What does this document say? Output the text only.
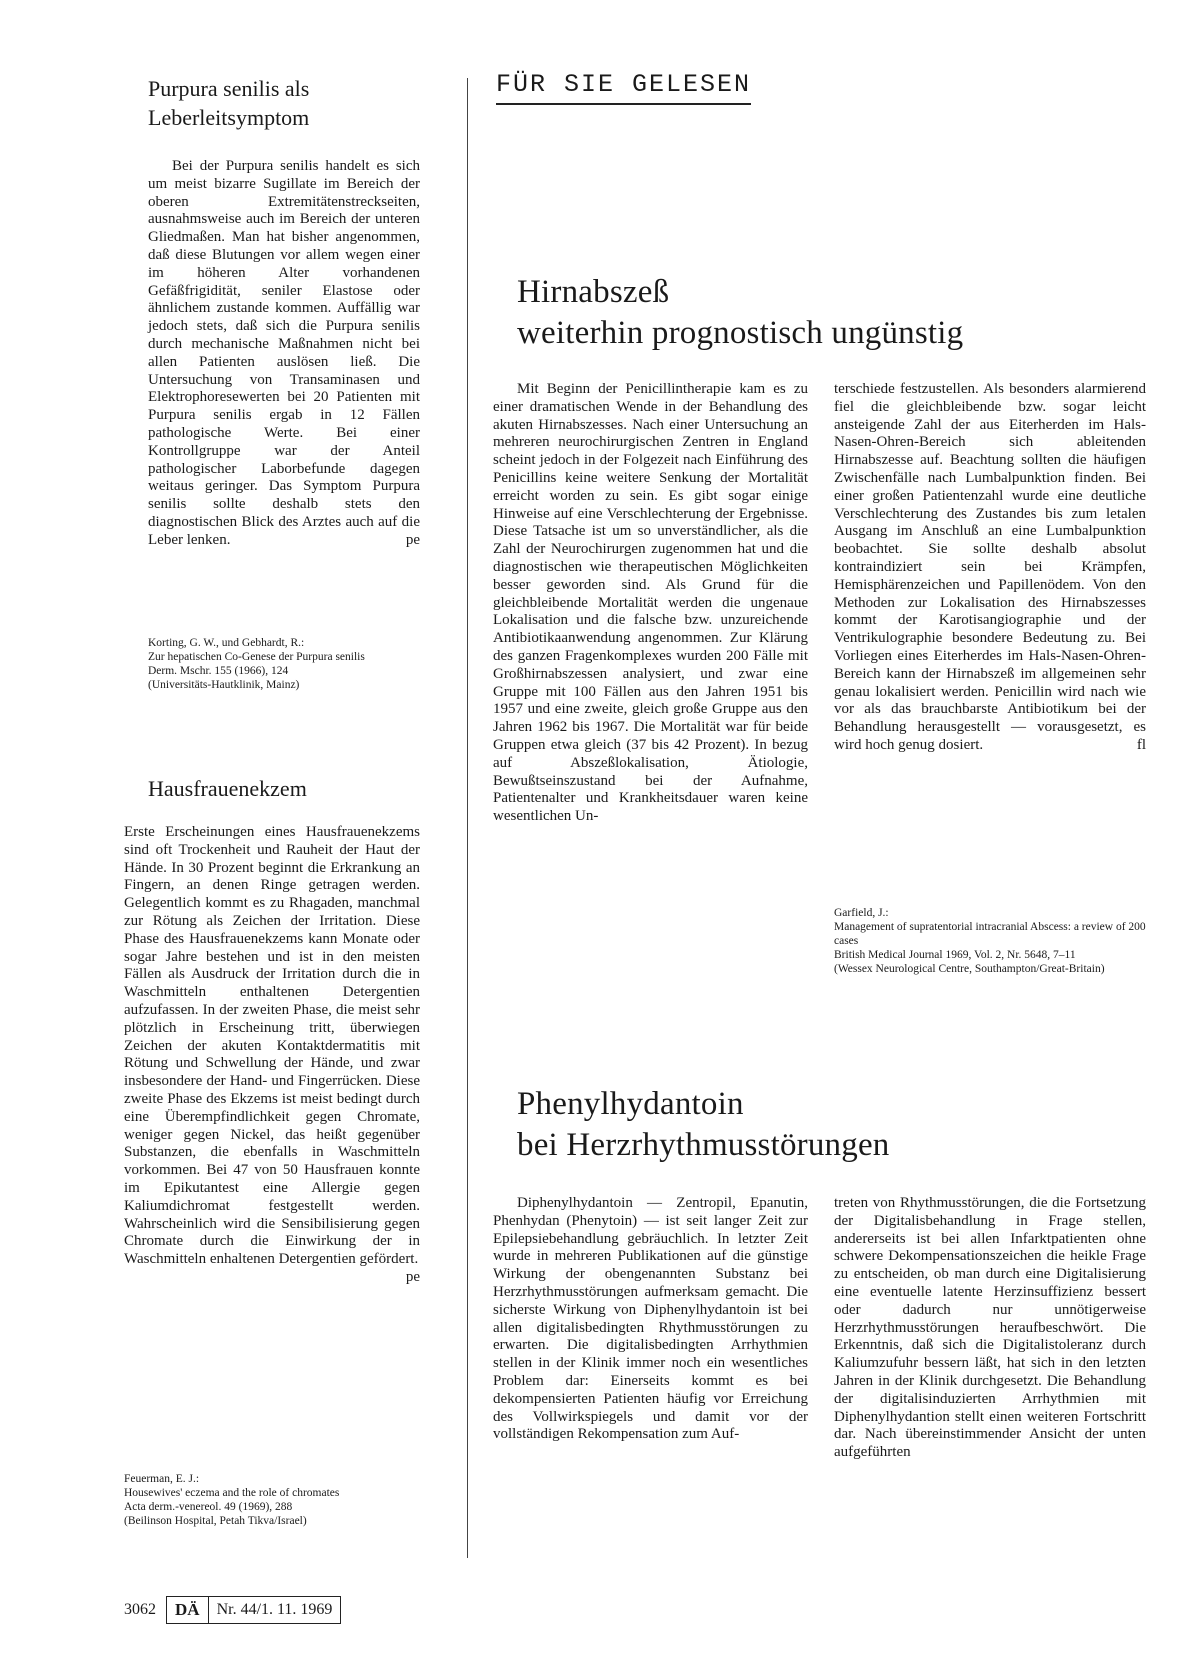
Purpura senilis als
Leberleitsymptom

Bei der Purpura senilis handelt es sich um meist bizarre Sugillate im Bereich der oberen Extremitätenstreckseiten, ausnahmsweise auch im Bereich der unteren Gliedmaßen. Man hat bisher angenommen, daß diese Blutungen vor allem wegen einer im höheren Alter vorhandenen Gefäßfrigidität, seniler Elastose oder ähnlichem zustande kommen. Auffällig war jedoch stets, daß sich die Purpura senilis durch mechanische Maßnahmen nicht bei allen Patienten auslösen ließ. Die Untersuchung von Transaminasen und Elektrophoresewerten bei 20 Patienten mit Purpura senilis ergab in 12 Fällen pathologische Werte. Bei einer Kontrollgruppe war der Anteil pathologischer Laborbefunde dagegen weitaus geringer. Das Symptom Purpura senilis sollte deshalb stets den diagnostischen Blick des Arztes auch auf die Leber lenken.	pe

Korting, G. W., und Gebhardt, R.:

Zur hepatischen Co-Genese der Purpura senilis

Derm. Mschr. 155 (1966), 124

(Universitäts-Hautklinik, Mainz)

Hausfrauenekzem

Erste Erscheinungen eines Hausfrauenekzems sind oft Trockenheit und Rauheit der Haut der Hände. In 30 Prozent beginnt die Erkrankung an Fingern, an denen Ringe getragen werden. Gelegentlich kommt es zu Rhagaden, manchmal zur Rötung als Zeichen der Irritation. Diese Phase des Hausfrauenekzems kann Monate oder sogar Jahre bestehen und ist in den meisten Fällen als Ausdruck der Irritation durch die in Waschmitteln enthaltenen Detergentien aufzufassen. In der zweiten Phase, die meist sehr plötzlich in Erscheinung tritt, überwiegen Zeichen der akuten Kontaktdermatitis mit Rötung und Schwellung der Hände, und zwar insbesondere der Hand- und Fingerrücken. Diese zweite Phase des Ekzems ist meist bedingt durch eine Überempfindlichkeit gegen Chromate, weniger gegen Nickel, das heißt gegenüber Substanzen, die ebenfalls in Waschmitteln vorkommen. Bei 47 von 50 Hausfrauen konnte im Epikutantest eine Allergie gegen Kaliumdichromat festgestellt werden. Wahrscheinlich wird die Sensibilisierung gegen Chromate durch die Einwirkung der in Waschmitteln enhaltenen Detergentien gefördert.
pe

Feuerman, E. J.:

Housewives' eczema and the role of chromates

Acta derm.-venereol. 49 (1969), 288

(Beilinson Hospital, Petah Tikva/Israel)

3062	DÄ	Nr. 44/1. 11. 1969
FÜR SIE GELESEN
Hirnabszeß
weiterhin prognostisch ungünstig

Mit Beginn der Penicillintherapie kam es zu einer dramatischen Wende in der Behandlung des akuten Hirnabszesses. Nach einer Untersuchung an mehreren neurochirurgischen Zentren in England scheint jedoch in der Folgezeit nach Einführung des Penicillins keine weitere Senkung der Mortalität erreicht worden zu sein. Es gibt sogar einige Hinweise auf eine Verschlechterung der Ergebnisse. Diese Tatsache ist um so unverständlicher, als die Zahl der Neurochirurgen zugenommen hat und die diagnostischen wie therapeutischen Möglichkeiten besser geworden sind. Als Grund für die gleichbleibende Mortalität werden die ungenaue Lokalisation und die falsche bzw. unzureichende Antibiotikaanwendung angenommen. Zur Klärung des ganzen Fragenkomplexes wurden 200 Fälle mit Großhirnabszessen analysiert, und zwar eine Gruppe mit 100 Fällen aus den Jahren 1951 bis 1957 und eine zweite, gleich große Gruppe aus den Jahren 1962 bis 1967. Die Mortalität war für beide Gruppen etwa gleich (37 bis 42 Prozent). In bezug auf Abszeßlokalisation, Ätiologie, Bewußtseinszustand bei der Aufnahme, Patientenalter und Krankheitsdauer waren keine wesentlichen Un-

terschiede festzustellen. Als besonders alarmierend fiel die gleichbleibende bzw. sogar leicht ansteigende Zahl der aus Eiterherden im Hals-Nasen-Ohren-Bereich sich ableitenden Hirnabszesse auf. Beachtung sollten die häufigen Zwischenfälle nach Lumbalpunktion finden. Bei einer großen Patientenzahl wurde eine deutliche Verschlechterung des Zustandes bis zum letalen Ausgang im Anschluß an eine Lumbalpunktion beobachtet. Sie sollte deshalb absolut kontraindiziert sein bei Krämpfen, Hemisphärenzeichen und Papillenödem. Von den Methoden zur Lokalisation des Hirnabszesses kommt der Karotisangiographie und der Ventrikulographie besondere Bedeutung zu. Bei Vorliegen eines Eiterherdes im Hals-Nasen-Ohren-Bereich kann der Hirnabszeß im allgemeinen sehr genau lokalisiert werden. Penicillin wird nach wie vor als das brauchbarste Antibiotikum bei der Behandlung herausgestellt — vorausgesetzt, es wird hoch genug dosiert.	fl

Garfield, J.:

Management of supratentorial intracranial Abscess: a review of 200 cases

British Medical Journal 1969, Vol. 2, Nr. 5648, 7–11

(Wessex Neurological Centre, Southampton/Great-Britain)

Phenylhydantoin
bei Herzrhythmusstörungen

Diphenylhydantoin — Zentropil, Epanutin, Phenhydan (Phenytoin) — ist seit langer Zeit zur Epilepsiebehandlung gebräuchlich. In letzter Zeit wurde in mehreren Publikationen auf die günstige Wirkung der obengenannten Substanz bei Herzrhythmusstörungen aufmerksam gemacht. Die sicherste Wirkung von Diphenylhydantoin ist bei allen digitalisbedingten Rhythmusstörungen zu erwarten. Die digitalisbedingten Arrhythmien stellen in der Klinik immer noch ein wesentliches Problem dar: Einerseits kommt es bei dekompensierten Patienten häufig vor Erreichung des Vollwirkspiegels und damit vor der vollständigen Rekompensation zum Auf-

treten von Rhythmusstörungen, die die Fortsetzung der Digitalisbehandlung in Frage stellen, andererseits ist bei allen Infarktpatienten ohne schwere Dekompensationszeichen die heikle Frage zu entscheiden, ob man durch eine Digitalisierung eine eventuelle latente Herzinsuffizienz bessert oder dadurch nur unnötigerweise Herzrhythmusstörungen heraufbeschwört. Die Erkenntnis, daß sich die Digitalistoleranz durch Kaliumzufuhr bessern läßt, hat sich in den letzten Jahren in der Klinik durchgesetzt. Die Behandlung der digitalisinduzierten Arrhythmien mit Diphenylhydantion stellt einen weiteren Fortschritt dar. Nach übereinstimmender Ansicht der unten aufgeführten
